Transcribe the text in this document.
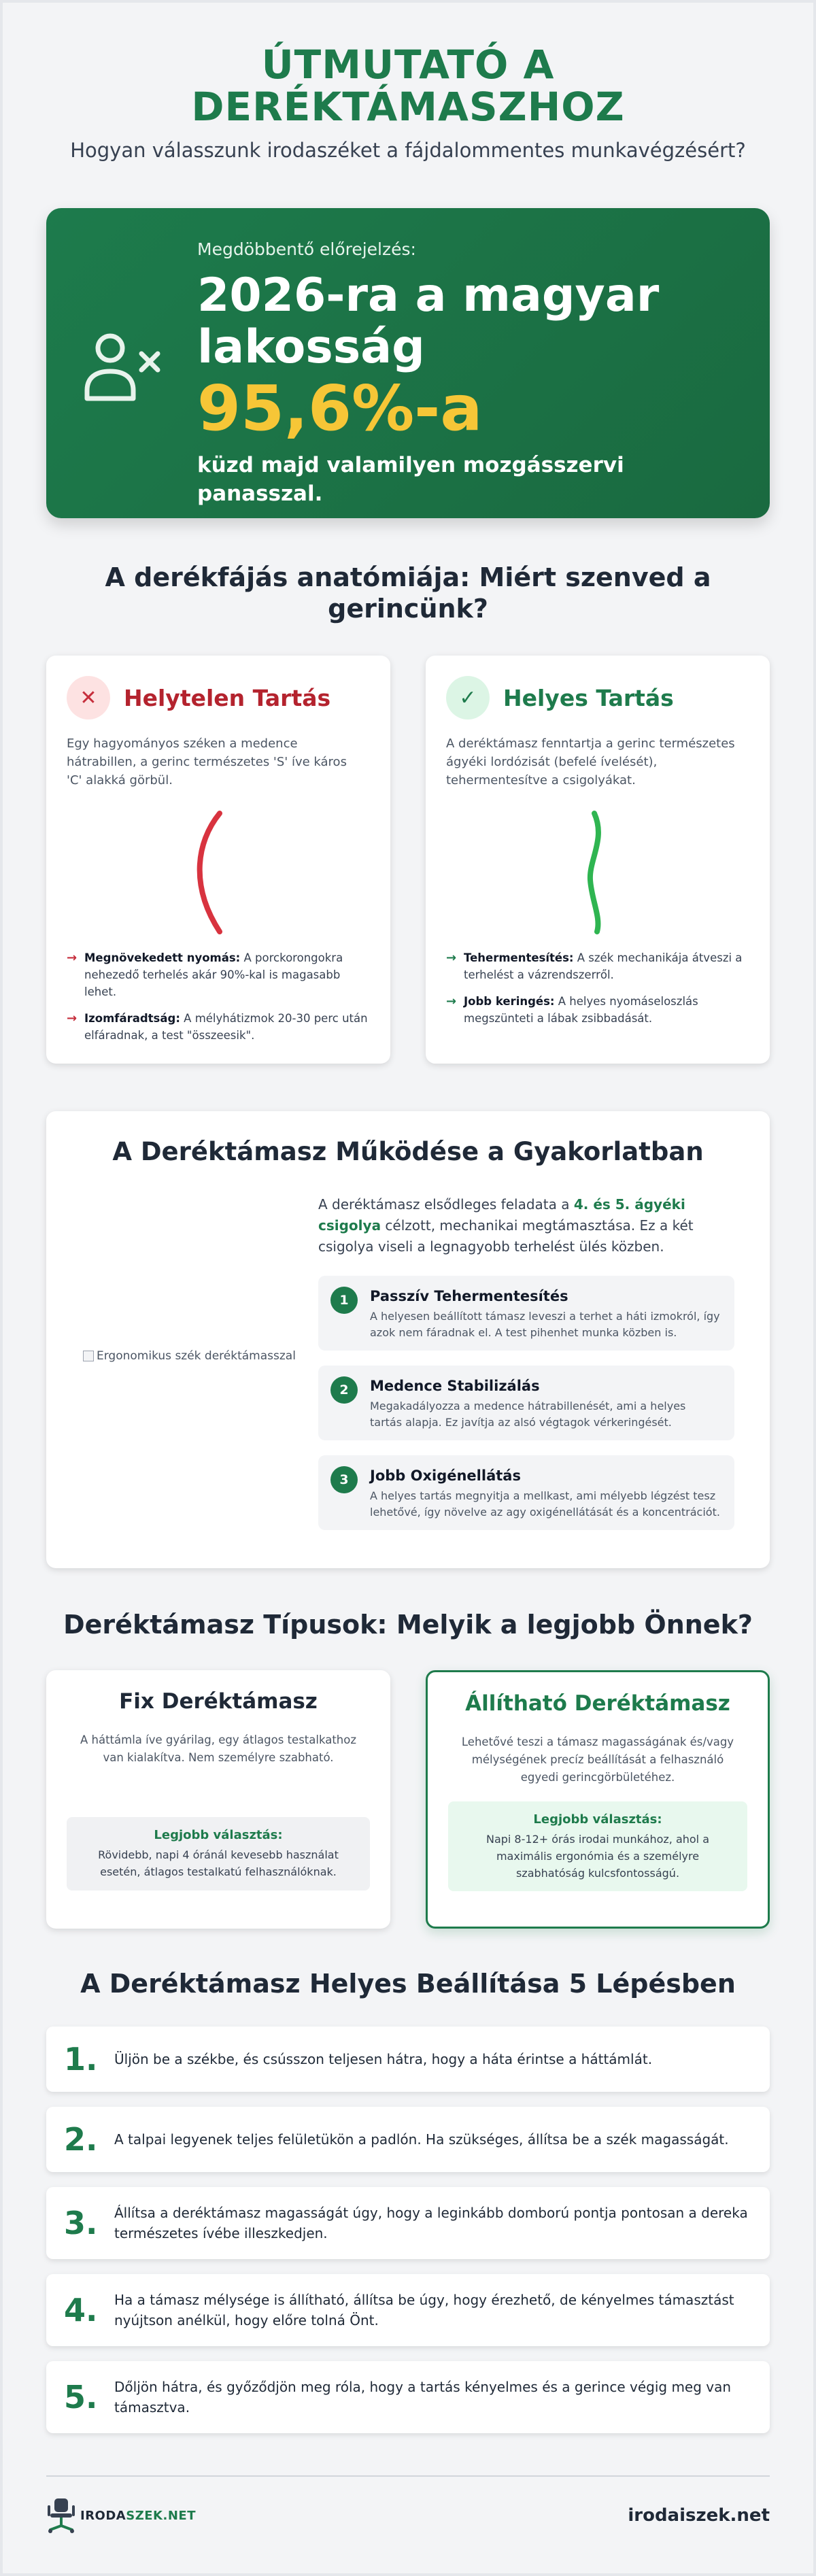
ÚTMUTATÓ A
DERÉKTÁMASZHOZ
Hogyan válasszunk irodaszéket a fájdalommentes munkavégzésért?
Megdöbbentő előrejelzés:
2026-ra a magyar lakosság
95,6%-a
küzd majd valamilyen mozgásszervi panasszal.
A derékfájás anatómiája: Miért szenved a gerincünk?
✕	Helytelen Tartás
Egy hagyományos széken a medence hátrabillen, a gerinc természetes 'S' íve káros 'C' alakká görbül.
→ Megnövekedett nyomás: A porckorongokra nehezedő terhelés akár 90%-kal is magasabb lehet.
→ Izomfáradtság: A mélyhátizmok 20-30 perc után elfáradnak, a test "összeesik".
✓	Helyes Tartás
A deréktámasz fenntartja a gerinc természetes ágyéki lordózisát (befelé ívelését), tehermentesítve a csigolyákat.
→ Tehermentesítés: A szék mechanikája átveszi a terhelést a vázrendszerről.
→ Jobb keringés: A helyes nyomáseloszlás megszünteti a lábak zsibbadását.
A Deréktámasz Működése a Gyakorlatban
Ergonomikus szék deréktámasszal
A deréktámasz elsődleges feladata a 4. és 5. ágyéki csigolya célzott, mechanikai megtámasztása. Ez a két csigolya viseli a legnagyobb terhelést ülés közben.
1	Passzív Tehermentesítés
A helyesen beállított támasz leveszi a terhet a háti izmokról, így azok nem fáradnak el. A test pihenhet munka közben is.
2	Medence Stabilizálás
Megakadályozza a medence hátrabillenését, ami a helyes tartás alapja. Ez javítja az alsó végtagok vérkeringését.
3	Jobb Oxigénellátás
A helyes tartás megnyitja a mellkast, ami mélyebb légzést tesz lehetővé, így növelve az agy oxigénellátását és a koncentrációt.
Deréktámasz Típusok: Melyik a legjobb Önnek?
Fix Deréktámasz
A háttámla íve gyárilag, egy átlagos testalkathoz van kialakítva. Nem személyre szabható.
Legjobb választás:
Rövidebb, napi 4 óránál kevesebb használat esetén, átlagos testalkatú felhasználóknak.
Állítható Deréktámasz
Lehetővé teszi a támasz magasságának és/vagy mélységének precíz beállítását a felhasználó egyedi gerincgörbületéhez.
Legjobb választás:
Napi 8-12+ órás irodai munkához, ahol a maximális ergonómia és a személyre szabhatóság kulcsfontosságú.
A Deréktámasz Helyes Beállítása 5 Lépésben
1.	Üljön be a székbe, és csússzon teljesen hátra, hogy a háta érintse a háttámlát.
2.	A talpai legyenek teljes felületükön a padlón. Ha szükséges, állítsa be a szék magasságát.
3.	Állítsa a deréktámasz magasságát úgy, hogy a leginkább domború pontja pontosan a dereka természetes ívébe illeszkedjen.
4.	Ha a támasz mélysége is állítható, állítsa be úgy, hogy érezhető, de kényelmes támasztást nyújtson anélkül, hogy előre tolná Önt.
5.	Dőljön hátra, és győződjön meg róla, hogy a tartás kényelmes és a gerince végig meg van támasztva.
IRODASZEK.NET	irodaiszek.net
